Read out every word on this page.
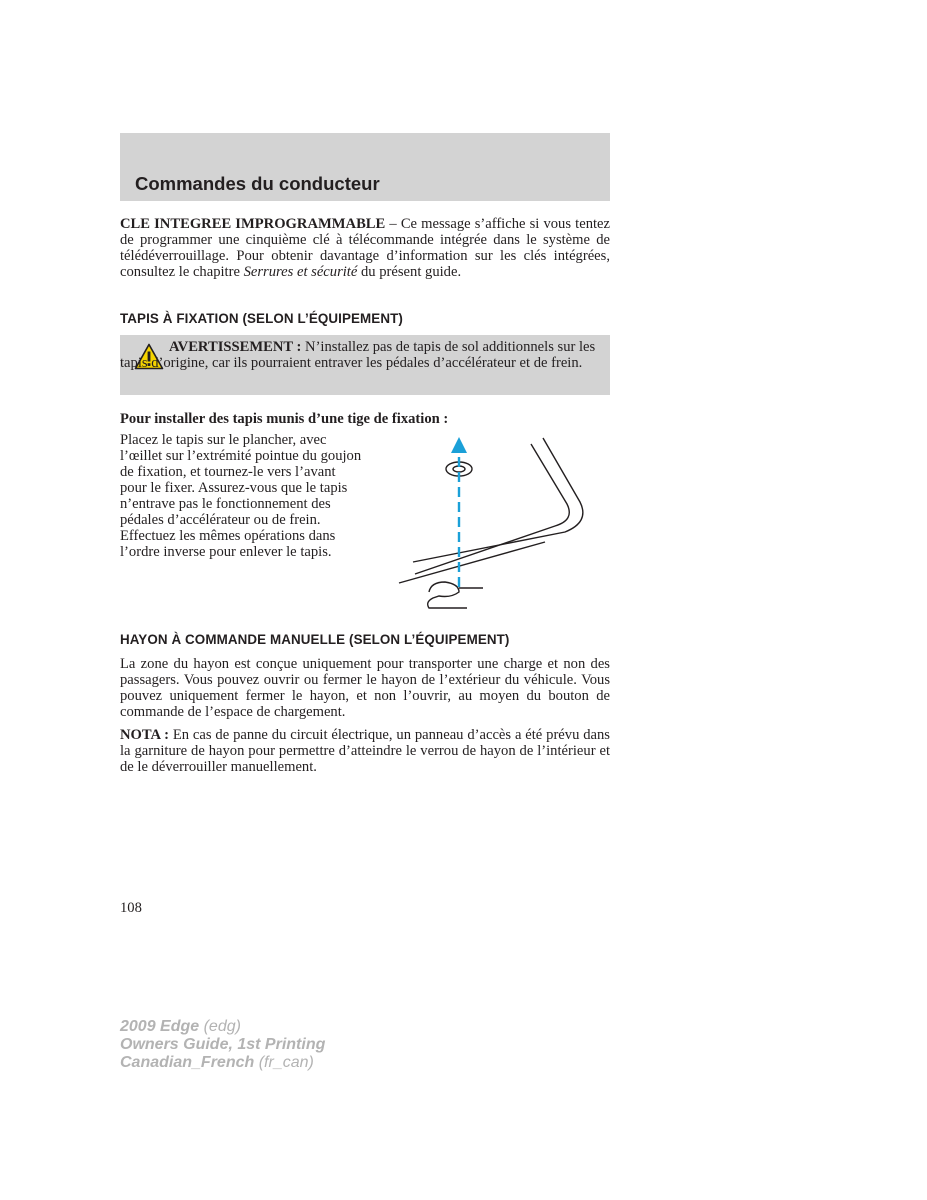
Commandes du conducteur

CLE INTEGREE IMPROGRAMMABLE – Ce message s’affiche si vous tentez de programmer une cinquième clé à télécommande intégrée dans le système de télédéverrouillage. Pour obtenir davantage d’information sur les clés intégrées, consultez le chapitre Serrures et sécurité du présent guide.

TAPIS À FIXATION (SELON L’ÉQUIPEMENT)

AVERTISSEMENT : N’installez pas de tapis de sol additionnels sur les tapis d’origine, car ils pourraient entraver les pédales d’accélérateur et de frein.

Pour installer des tapis munis d’une tige de fixation :

Placez le tapis sur le plancher, avec l’œillet sur l’extrémité pointue du goujon de fixation, et tournez-le vers l’avant pour le fixer. Assurez-vous que le tapis n’entrave pas le fonctionnement des pédales d’accélérateur ou de frein. Effectuez les mêmes opérations dans l’ordre inverse pour enlever le tapis.

HAYON À COMMANDE MANUELLE (SELON L’ÉQUIPEMENT)

La zone du hayon est conçue uniquement pour transporter une charge et non des passagers. Vous pouvez ouvrir ou fermer le hayon de l’extérieur du véhicule. Vous pouvez uniquement fermer le hayon, et non l’ouvrir, au moyen du bouton de commande de l’espace de chargement.

NOTA : En cas de panne du circuit électrique, un panneau d’accès a été prévu dans la garniture de hayon pour permettre d’atteindre le verrou de hayon de l’intérieur et de le déverrouiller manuellement.

108

2009 Edge (edg)
Owners Guide, 1st Printing
Canadian_French (fr_can)
